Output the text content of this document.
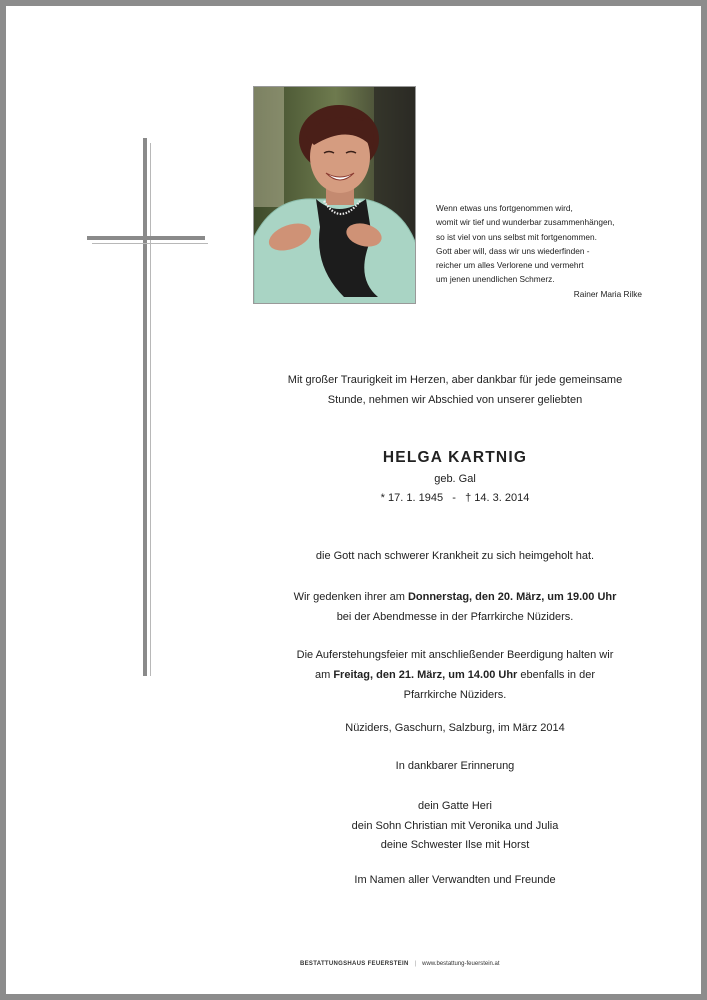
Wenn etwas uns fortgenommen wird,
womit wir tief und wunderbar zusammenhängen,
so ist viel von uns selbst mit fortgenommen.
Gott aber will, dass wir uns wiederfinden -
reicher um alles Verlorene und vermehrt
um jenen unendlichen Schmerz.
Rainer Maria Rilke
Mit großer Traurigkeit im Herzen, aber dankbar für jede gemeinsame
Stunde, nehmen wir Abschied von unserer geliebten
HELGA KARTNIG
geb. Gal
* 17. 1. 1945 - † 14. 3. 2014
die Gott nach schwerer Krankheit zu sich heimgeholt hat.
Wir gedenken ihrer am Donnerstag, den 20. März, um 19.00 Uhr
bei der Abendmesse in der Pfarrkirche Nüziders.
Die Auferstehungsfeier mit anschließender Beerdigung halten wir
am Freitag, den 21. März, um 14.00 Uhr ebenfalls in der
Pfarrkirche Nüziders.
Nüziders, Gaschurn, Salzburg, im März 2014
In dankbarer Erinnerung
dein Gatte Heri
dein Sohn Christian mit Veronika und Julia
deine Schwester Ilse mit Horst
Im Namen aller Verwandten und Freunde
BESTATTUNGSHAUS FEUERSTEIN | www.bestattung-feuerstein.at
